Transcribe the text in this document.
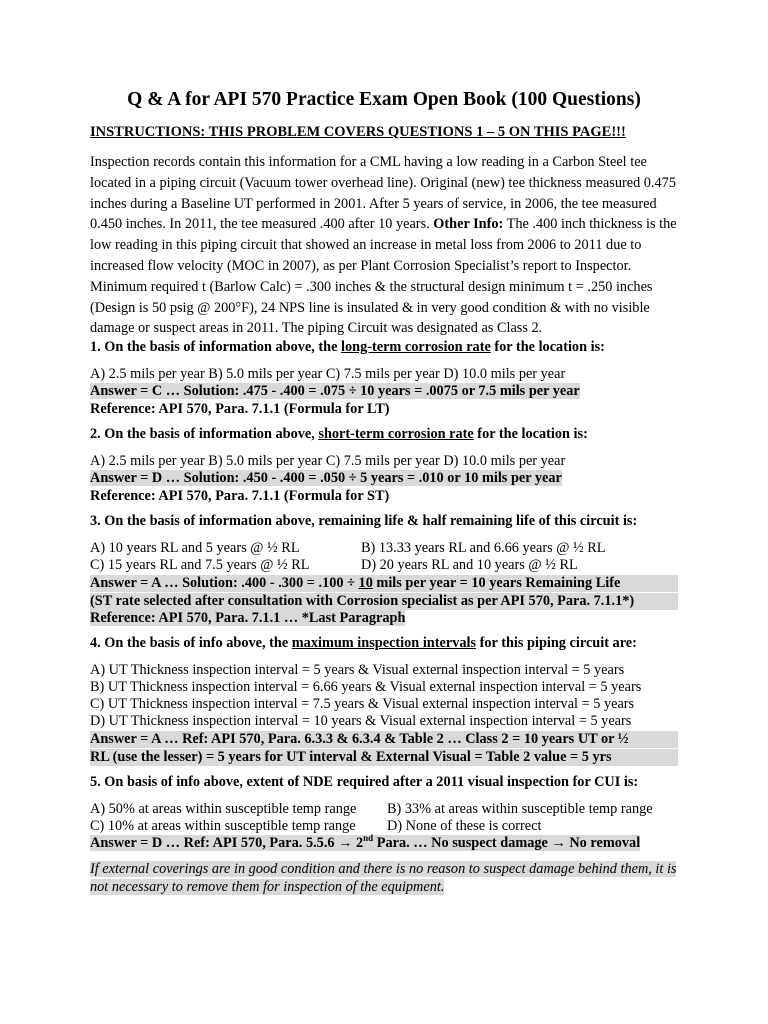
Q & A for API 570 Practice Exam Open Book (100 Questions)
INSTRUCTIONS: THIS PROBLEM COVERS QUESTIONS 1 – 5 ON THIS PAGE!!!
Inspection records contain this information for a CML having a low reading in a Carbon Steel tee located in a piping circuit (Vacuum tower overhead line). Original (new) tee thickness measured 0.475 inches during a Baseline UT performed in 2001. After 5 years of service, in 2006, the tee measured 0.450 inches. In 2011, the tee measured .400 after 10 years. Other Info: The .400 inch thickness is the low reading in this piping circuit that showed an increase in metal loss from 2006 to 2011 due to increased flow velocity (MOC in 2007), as per Plant Corrosion Specialist’s report to Inspector. Minimum required t (Barlow Calc) = .300 inches & the structural design minimum t = .250 inches (Design is 50 psig @ 200°F), 24 NPS line is insulated & in very good condition & with no visible damage or suspect areas in 2011. The piping Circuit was designated as Class 2.
1. On the basis of information above, the long-term corrosion rate for the location is:
A) 2.5 mils per year B) 5.0 mils per year C) 7.5 mils per year D) 10.0 mils per year
Answer = C … Solution: .475 - .400 = .075 ÷ 10 years = .0075 or 7.5 mils per year
Reference: API 570, Para. 7.1.1 (Formula for LT)
2. On the basis of information above, short-term corrosion rate for the location is:
A) 2.5 mils per year B) 5.0 mils per year C) 7.5 mils per year D) 10.0 mils per year
Answer = D … Solution: .450 - .400 = .050 ÷ 5 years = .010 or 10 mils per year
Reference: API 570, Para. 7.1.1 (Formula for ST)
3. On the basis of information above, remaining life & half remaining life of this circuit is:
A) 10 years RL and 5 years @ ½ RL	B) 13.33 years RL and 6.66 years @ ½ RL
C) 15 years RL and 7.5 years @ ½ RL	D) 20 years RL and 10 years @ ½ RL
Answer = A … Solution: .400 - .300 = .100 ÷ 10 mils per year = 10 years Remaining Life
(ST rate selected after consultation with Corrosion specialist as per API 570, Para. 7.1.1*)
Reference: API 570, Para. 7.1.1 … *Last Paragraph
4. On the basis of info above, the maximum inspection intervals for this piping circuit are:
A) UT Thickness inspection interval = 5 years & Visual external inspection interval = 5 years
B) UT Thickness inspection interval = 6.66 years & Visual external inspection interval = 5 years
C) UT Thickness inspection interval = 7.5 years & Visual external inspection interval = 5 years
D) UT Thickness inspection interval = 10 years & Visual external inspection interval = 5 years
Answer = A … Ref: API 570, Para. 6.3.3 & 6.3.4 & Table 2 … Class 2 = 10 years UT or ½
RL (use the lesser) = 5 years for UT interval & External Visual = Table 2 value = 5 yrs
5. On basis of info above, extent of NDE required after a 2011 visual inspection for CUI is:
A) 50% at areas within susceptible temp range B) 33% at areas within susceptible temp range
C) 10% at areas within susceptible temp range D) None of these is correct
Answer = D … Ref: API 570, Para. 5.5.6 → 2nd Para. … No suspect damage → No removal
If external coverings are in good condition and there is no reason to suspect damage behind them, it is not necessary to remove them for inspection of the equipment.
